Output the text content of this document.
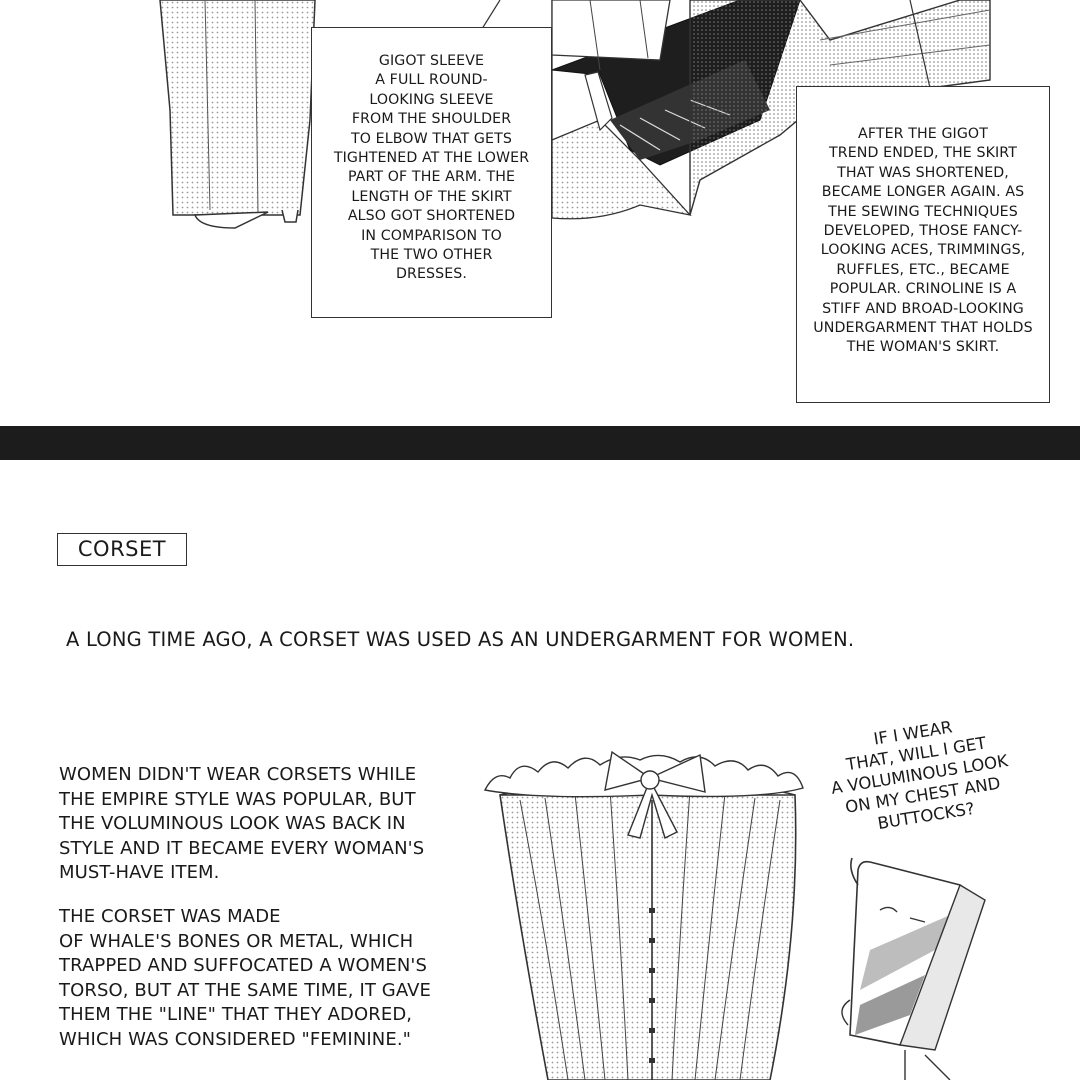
GIGOT SLEEVE
A FULL ROUND-
LOOKING SLEEVE
FROM THE SHOULDER
TO ELBOW THAT GETS
TIGHTENED AT THE LOWER
PART OF THE ARM. THE
LENGTH OF THE SKIRT
ALSO GOT SHORTENED
IN COMPARISON TO
THE TWO OTHER
DRESSES.
AFTER THE GIGOT
TREND ENDED, THE SKIRT
THAT WAS SHORTENED,
BECAME LONGER AGAIN. AS
THE SEWING TECHNIQUES
DEVELOPED, THOSE FANCY-
LOOKING ACES, TRIMMINGS,
RUFFLES, ETC., BECAME
POPULAR. CRINOLINE IS A
STIFF AND BROAD-LOOKING
UNDERGARMENT THAT HOLDS
THE WOMAN'S SKIRT.
CORSET
A LONG TIME AGO, A CORSET WAS USED AS AN UNDERGARMENT FOR WOMEN.
WOMEN DIDN'T WEAR CORSETS WHILE
THE EMPIRE STYLE WAS POPULAR, BUT
THE VOLUMINOUS LOOK WAS BACK IN
STYLE AND IT BECAME EVERY WOMAN'S
MUST-HAVE ITEM.
THE CORSET WAS MADE
OF WHALE'S BONES OR METAL, WHICH
TRAPPED AND SUFFOCATED A WOMEN'S
TORSO, BUT AT THE SAME TIME, IT GAVE
THEM THE "LINE" THAT THEY ADORED,
WHICH WAS CONSIDERED "FEMININE."
IF I WEAR
THAT, WILL I GET
A VOLUMINOUS LOOK
ON MY CHEST AND
BUTTOCKS?
